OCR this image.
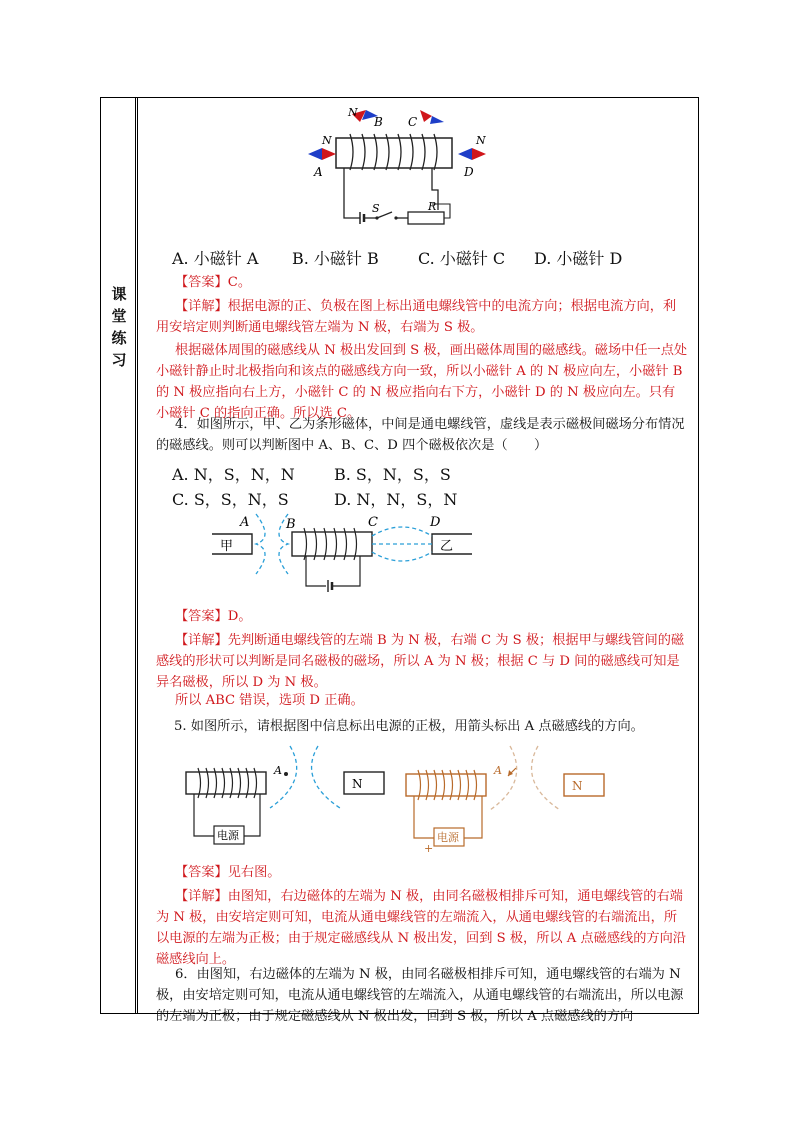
课
堂
练
习
N
A
N
B C
N
D
S	R
A. 小磁针 A B. 小磁针 B C. 小磁针 C D. 小磁针 D
【答案】C。
【详解】根据电源的正、负极在图上标出通电螺线管中的电流方向；根据电流方向，利用安培定则判断通电螺线管左端为 N 极，右端为 S 极。
根据磁体周围的磁感线从 N 极出发回到 S 极，画出磁体周围的磁感线。磁场中任一点处小磁针静止时北极指向和该点的磁感线方向一致，所以小磁针 A 的 N 极应向左，小磁针 B 的 N 极应指向右上方，小磁针 C 的 N 极应指向右下方，小磁针 D 的 N 极应向左。只有小磁针 C 的指向正确。所以选 C。
4．如图所示，甲、乙为条形磁体，中间是通电螺线管，虚线是表示磁极间磁场分布情况的磁感线。则可以判断图中 A、B、C、D 四个磁极依次是（　　）
A. N，S，N，N B. S，N，S，S
C. S，S，N，S	D. N，N，S，N
甲	乙
A	B	C	D
【答案】D。
【详解】先判断通电螺线管的左端 B 为 N 极，右端 C 为 S 极；根据甲与螺线管间的磁感线的形状可以判断是同名磁极的磁场，所以 A 为 N 极；根据 C 与 D 间的磁感线可知是异名磁极，所以 D 为 N 极。
所以 ABC 错误，选项 D 正确。
5. 如图所示，请根据图中信息标出电源的正极，用箭头标出 A 点磁感线的方向。
电源
N
A
电源
+
N
A
【答案】见右图。
【详解】由图知，右边磁体的左端为 N 极，由同名磁极相排斥可知，通电螺线管的右端为 N 极，由安培定则可知，电流从通电螺线管的左端流入，从通电螺线管的右端流出，所以电源的左端为正极；由于规定磁感线从 N 极出发，回到 S 极，所以 A 点磁感线的方向沿磁感线向上。
6．由图知，右边磁体的左端为 N 极，由同名磁极相排斥可知，通电螺线管的右端为 N 极，由安培定则可知，电流从通电螺线管的左端流入，从通电螺线管的右端流出，所以电源的左端为正极；由于规定磁感线从 N 极出发，回到 S 极，所以 A 点磁感线的方向
